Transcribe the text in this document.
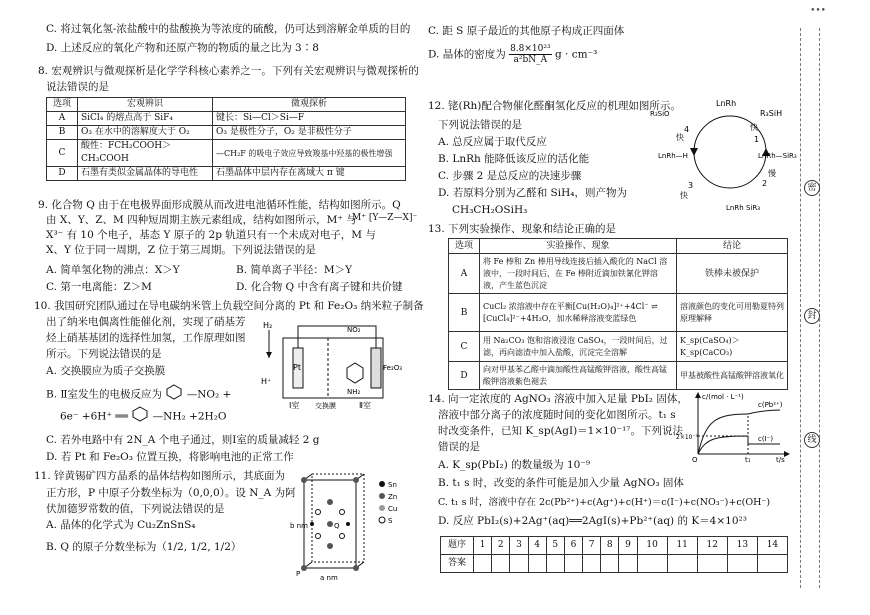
•••
C. 将过氧化氢-浓盐酸中的盐酸换为等浓度的硫酸，仍可达到溶解金单质的目的
D. 上述反应的氧化产物和还原产物的物质的量之比为 3∶8
8. 宏观辨识与微观探析是化学学科核心素养之一。下列有关宏观辨识与微观探析的
说法错误的是
选项	宏观辨识	微观探析
A	SiCl₄ 的熔点高于 SiF₄	键长：Si—Cl＞Si—F
B	O₃ 在水中的溶解度大于 O₂	O₃ 是极性分子，O₂ 是非极性分子
C	酸性：FCH₂COOH＞CH₃COOH	—CH₂F 的吸电子效应导致羧基中羟基的极性增强
D	石墨有类似金属晶体的导电性	石墨晶体中层内存在离域大 π 键
9. 化合物 Q 由于在电极界面形成膜从而改进电池循环性能，结构如图所示。Q
由 X、Y、Z、M 四种短周期主族元素组成，结构如图所示，M⁺ 与
X³⁻ 有 10 个电子，基态 Y 原子的 2p 轨道只有一个未成对电子，M 与
X、Y 位于同一周期，Z 位于第三周期。下列说法错误的是
M⁺ [Y—Z—X]⁻
A. 简单氢化物的沸点：X＞Y	B. 简单离子半径：M＞Y
C. 第一电离能：Z＞M	D. 化合物 Q 中含有离子键和共价键
10. 我国研究团队通过在导电碳纳米管上负载空间分离的 Pt 和 Fe₂O₃ 纳米粒子制备
出了纳米电偶离性能催化剂，实现了硝基芳
烃上硝基基团的选择性加氢，工作原理如图
所示。下列说法错误的是
A. 交换膜应为质子交换膜
B. Ⅱ室发生的电极反应为 —NO₂ +
6e⁻ +6H⁺ ══ —NH₂ +2H₂O
C. 若外电路中有 2N_A 个电子通过，则Ⅰ室的质量减轻 2 g
D. 若 Pt 和 Fe₂O₃ 位置互换，将影响电池的正常工作
H₂
Pt
H⁺
Fe₂O₃
NO₂
NH₂
Ⅰ室 交换膜	Ⅱ室
11. 锌黄锡矿四方晶系的晶体结构如图所示，其底面为
正方形，P 中原子分数坐标为（0,0,0）。设 N_A 为阿
伏加德罗常数的值，下列说法错误的是
A. 晶体的化学式为 Cu₂ZnSnS₄
B. Q 的原子分数坐标为（1/2, 1/2, 1/2）
b nm
a nm
P
Q
Sn
Zn
Cu
S
C. 距 S 原子最近的其他原子构成正四面体
D. 晶体的密度为 $\frac{\text{8.8×10²³}}{\text{a²bN\_A}}$ g · cm⁻³
12. 铑(Rh)配合物催化醛酮氢化反应的机理如图所示。
下列说法错误的是
A. 总反应属于取代反应
B. LnRh 能降低该反应的活化能
C. 步骤 2 是总反应的决速步骤
D. 若原料分别为乙醛和 SiH₄，则产物为
CH₃CH₂OSiH₃
LnRh
R₃SiH
快
1
LnRh—SiR₃
慢
2
LnRh SiR₃
3
快
LnRh—H
4
快
R₃SiO
13. 下列实验操作、现象和结论正确的是
选项	实验操作、现象	结论
A	将 Fe 棒和 Zn 棒用导线连接后插入酸化的 NaCl 溶液中，一段时间后，在 Fe 棒附近滴加铁氰化钾溶液，产生蓝色沉淀	铁棒未被保护
B	CuCl₂ 浓溶液中存在平衡[Cu(H₂O)₄]²⁺+4Cl⁻ ⇌ [CuCl₄]²⁻+4H₂O，加水稀释溶液变蓝绿色	溶液颜色的变化可用勒夏特列原理解释
C	用 Na₂CO₃ 饱和溶液浸泡 CaSO₄，一段时间后，过滤，再向滤渣中加入盐酸，沉淀完全溶解	K_sp(CaSO₄)＞K_sp(CaCO₃)
D	向对甲基苯乙醛中滴加酸性高锰酸钾溶液，酸性高锰酸钾溶液紫色褪去	甲基被酸性高锰酸钾溶液氧化
14. 向一定浓度的 AgNO₃ 溶液中加入足量 PbI₂ 固体，
溶液中部分离子的浓度随时间的变化如图所示。t₁ s
时改变条件，已知 K_sp(AgI)＝1×10⁻¹⁷。下列说法
错误的是
A. K_sp(PbI₂) 的数量级为 10⁻⁹
B. t₁ s 时，改变的条件可能是加入少量 AgNO₃ 固体
C. t₁ s 时，溶液中存在 2c(Pb²⁺)+c(Ag⁺)+c(H⁺)＝c(I⁻)+c(NO₃⁻)+c(OH⁻)
D. 反应 PbI₂(s)+2Ag⁺(aq)══2AgI(s)+Pb²⁺(aq) 的 K＝4×10²³
c/(mol · L⁻¹)
t/s
c(Pb²⁺)
c(I⁻)
2×10⁻³
O	t₁
题序	1	2	3	4	5	6	7	8	9	10	11	12	13	14
答案														
密
封
线
